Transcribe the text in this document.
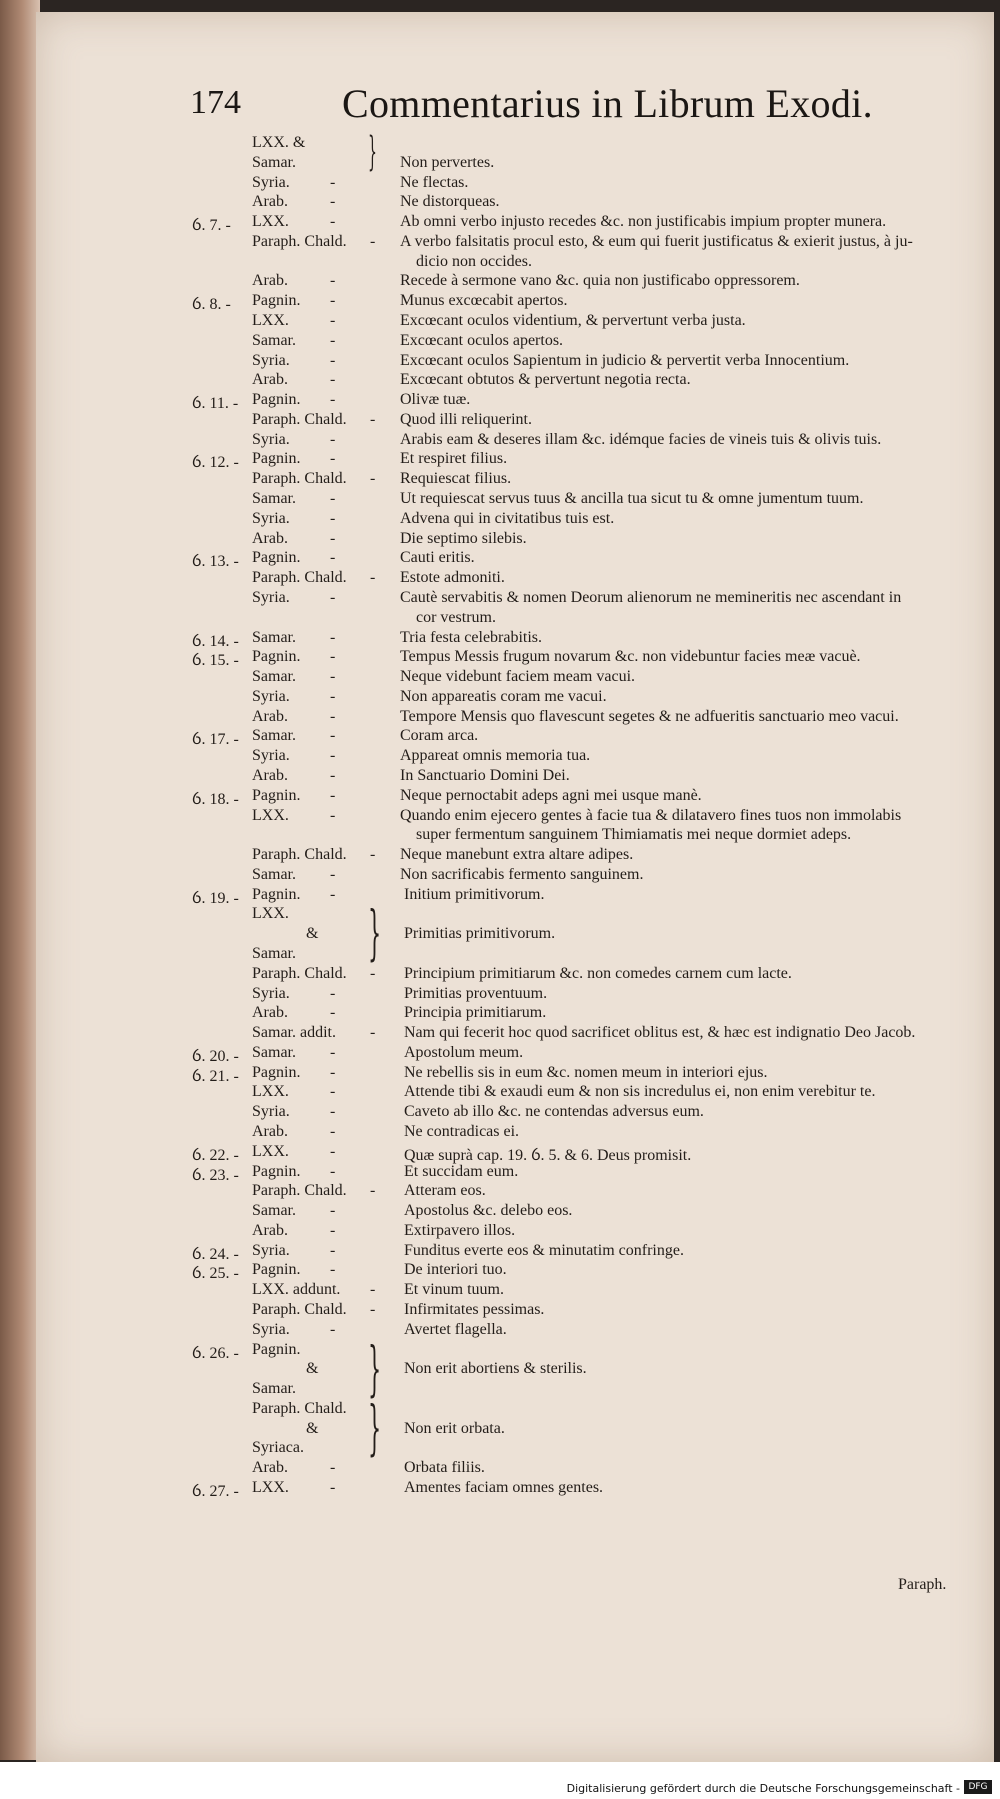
174	Commentarius in Librum Exodi.
LXX. &
Samar.	Non pervertes.
Syria.	-	Ne flectas.
Arab.	-	Ne distorqueas.
ỽ. 7. - LXX.	-	Ab omni verbo injusto recedes &c. non justificabis impium propter munera.
Paraph. Chald. - A verbo falsitatis procul esto, & eum qui fuerit justificatus & exierit justus, à ju-
dicio non occides.
Arab.	-	Recede à sermone vano &c. quia non justificabo oppressorem.
ỽ. 8. - Pagnin. -	Munus excœcabit apertos.
LXX.	-	Excœcant oculos videntium, & pervertunt verba justa.
Samar. -	Excœcant oculos apertos.
Syria.	-	Excœcant oculos Sapientum in judicio & pervertit verba Innocentium.
Arab.	-	Excœcant obtutos & pervertunt negotia recta.
ỽ. 11. - Pagnin. -	Olivæ tuæ.
Paraph. Chald. - Quod illi reliquerint.
Syria.	-	Arabis eam & deseres illam &c. idémque facies de vineis tuis & olivis tuis.
ỽ. 12. - Pagnin. -	Et respiret filius.
Paraph. Chald. - Requiescat filius.
Samar. -	Ut requiescat servus tuus & ancilla tua sicut tu & omne jumentum tuum.
Syria.	-	Advena qui in civitatibus tuis est.
Arab.	-	Die septimo silebis.
ỽ. 13. - Pagnin. -	Cauti eritis.
Paraph. Chald. - Estote admoniti.
Syria.	-	Cautè servabitis & nomen Deorum alienorum ne memineritis nec ascendant in
cor vestrum.
ỽ. 14. - Samar. -	Tria festa celebrabitis.
ỽ. 15. - Pagnin. -	Tempus Messis frugum novarum &c. non videbuntur facies meæ vacuè.
Samar. -	Neque videbunt faciem meam vacui.
Syria.	-	Non appareatis coram me vacui.
Arab.	-	Tempore Mensis quo flavescunt segetes & ne adfueritis sanctuario meo vacui.
ỽ. 17. - Samar. -	Coram arca.
Syria.	-	Appareat omnis memoria tua.
Arab.	-	In Sanctuario Domini Dei.
ỽ. 18. - Pagnin. -	Neque pernoctabit adeps agni mei usque manè.
LXX.	-	Quando enim ejecero gentes à facie tua & dilatavero fines tuos non immolabis
super fermentum sanguinem Thimiamatis mei neque dormiet adeps.
Paraph. Chald. - Neque manebunt extra altare adipes.
Samar. -	Non sacrificabis fermento sanguinem.
ỽ. 19. - Pagnin. -	Initium primitivorum.
LXX.
&	Primitias primitivorum.
Samar.
Paraph. Chald. - Principium primitiarum &c. non comedes carnem cum lacte.
Syria.	-	Primitias proventuum.
Arab.	-	Principia primitiarum.
Samar. addit. - Nam qui fecerit hoc quod sacrificet oblitus est, & hæc est indignatio Deo Jacob.
ỽ. 20. - Samar. -	Apostolum meum.
ỽ. 21. - Pagnin. -	Ne rebellis sis in eum &c. nomen meum in interiori ejus.
LXX.	-	Attende tibi & exaudi eum & non sis incredulus ei, non enim verebitur te.
Syria.	-	Caveto ab illo &c. ne contendas adversus eum.
Arab.	-	Ne contradicas ei.
ỽ. 22. - LXX.	-	Quæ suprà cap. 19. ỽ. 5. & 6. Deus promisit.
ỽ. 23. - Pagnin. -	Et succidam eum.
Paraph. Chald. - Atteram eos.
Samar. -	Apostolus &c. delebo eos.
Arab.	-	Extirpavero illos.
ỽ. 24. - Syria.	-	Funditus everte eos & minutatim confringe.
ỽ. 25. - Pagnin. -	De interiori tuo.
LXX. addunt. - Et vinum tuum.
Paraph. Chald. - Infirmitates pessimas.
Syria.	-	Avertet flagella.
ỽ. 26. - Pagnin.
&	Non erit abortiens & sterilis.
Samar.
Paraph. Chald.
&	Non erit orbata.
Syriaca.
Arab.	-	Orbata filiis.
ỽ. 27. - LXX.	-	Amentes faciam omnes gentes.
}
}
}
}
Paraph.
Digitalisierung gefördert durch die Deutsche Forschungsgemeinschaft - DFG
